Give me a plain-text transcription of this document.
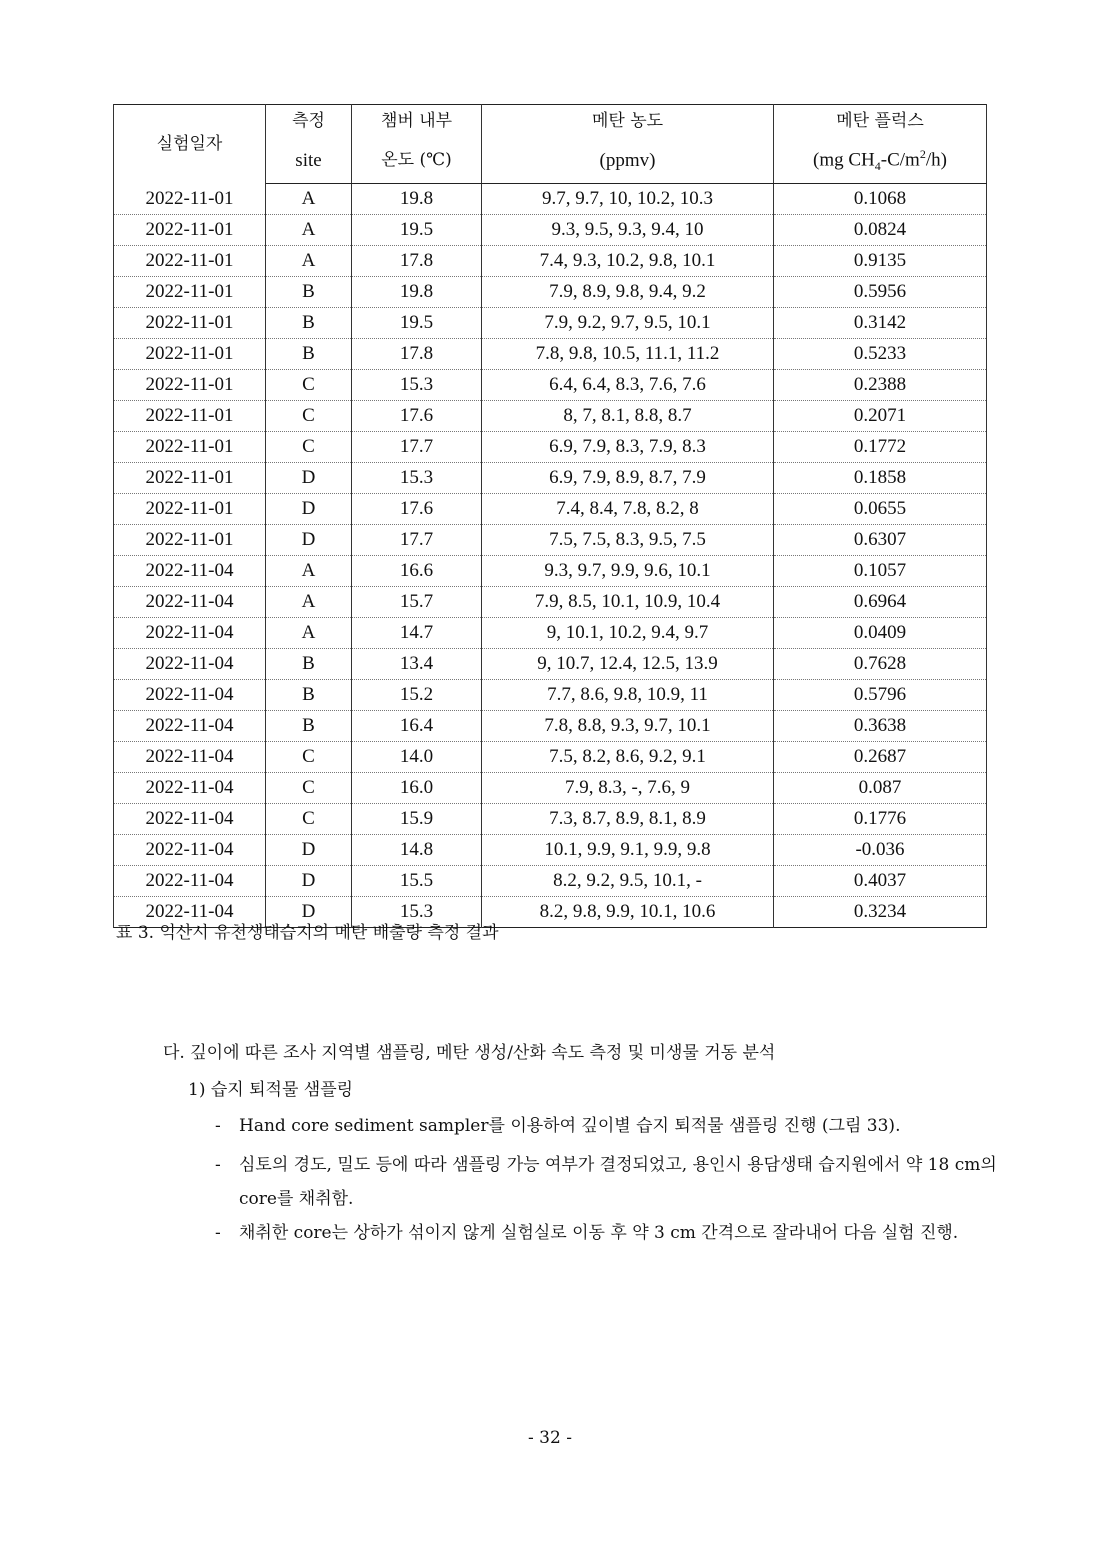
실험일자	측정	챔버 내부	메탄 농도	메탄 플럭스
	site	온도 (℃)	(ppmv)	(mg $CH_4-C/m^2/h$)
2022-11-01	A	19.8	9.7, 9.7, 10, 10.2, 10.3	0.1068
2022-11-01	A	19.5	9.3, 9.5, 9.3, 9.4, 10	0.0824
2022-11-01	A	17.8	7.4, 9.3, 10.2, 9.8, 10.1	0.9135
2022-11-01	B	19.8	7.9, 8.9, 9.8, 9.4, 9.2	0.5956
2022-11-01	B	19.5	7.9, 9.2, 9.7, 9.5, 10.1	0.3142
2022-11-01	B	17.8	7.8, 9.8, 10.5, 11.1, 11.2	0.5233
2022-11-01	C	15.3	6.4, 6.4, 8.3, 7.6, 7.6	0.2388
2022-11-01	C	17.6	8, 7, 8.1, 8.8, 8.7	0.2071
2022-11-01	C	17.7	6.9, 7.9, 8.3, 7.9, 8.3	0.1772
2022-11-01	D	15.3	6.9, 7.9, 8.9, 8.7, 7.9	0.1858
2022-11-01	D	17.6	7.4, 8.4, 7.8, 8.2, 8	0.0655
2022-11-01	D	17.7	7.5, 7.5, 8.3, 9.5, 7.5	0.6307
2022-11-04	A	16.6	9.3, 9.7, 9.9, 9.6, 10.1	0.1057
2022-11-04	A	15.7	7.9, 8.5, 10.1, 10.9, 10.4	0.6964
2022-11-04	A	14.7	9, 10.1, 10.2, 9.4, 9.7	0.0409
2022-11-04	B	13.4	9, 10.7, 12.4, 12.5, 13.9	0.7628
2022-11-04	B	15.2	7.7, 8.6, 9.8, 10.9, 11	0.5796
2022-11-04	B	16.4	7.8, 8.8, 9.3, 9.7, 10.1	0.3638
2022-11-04	C	14.0	7.5, 8.2, 8.6, 9.2, 9.1	0.2687
2022-11-04	C	16.0	7.9, 8.3, -, 7.6, 9	0.087
2022-11-04	C	15.9	7.3, 8.7, 8.9, 8.1, 8.9	0.1776
2022-11-04	D	14.8	10.1, 9.9, 9.1, 9.9, 9.8	-0.036
2022-11-04	D	15.5	8.2, 9.2, 9.5, 10.1, -	0.4037
2022-11-04	D	15.3	8.2, 9.8, 9.9, 10.1, 10.6	0.3234
표 3. 익산시 유천생태습지의 메탄 배출량 측정 결과
다. 깊이에 따른 조사 지역별 샘플링, 메탄 생성/산화 속도 측정 및 미생물 거동 분석
1) 습지 퇴적물 샘플링
- Hand core sediment sampler를 이용하여 깊이별 습지 퇴적물 샘플링 진행 (그림 33).
- 심토의 경도, 밀도 등에 따라 샘플링 가능 여부가 결정되었고, 용인시 용담생태 습지원에서 약 18 cm의 core를 채취함.
- 채취한 core는 상하가 섞이지 않게 실험실로 이동 후 약 3 cm 간격으로 잘라내어 다음 실험 진행.
- 32 -
